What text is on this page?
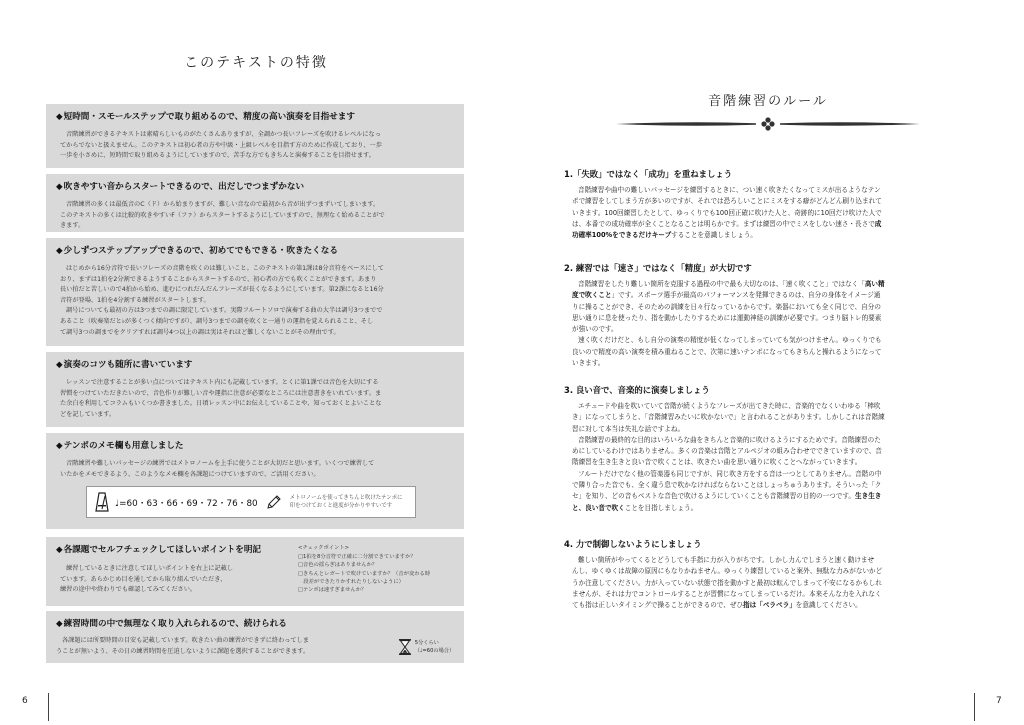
このテキストの特徴
◆ 短時間・スモールステップで取り組めるので、精度の高い演奏を目指せます

音階練習ができるテキストは素晴らしいものがたくさんありますが、全調かつ長いフレーズを吹けるレベルになっ

てからでないと扱えません。このテキストは初心者の方や中級・上級レベルを目指す方のために作成しており、一歩
一歩を小さめに、短時間で取り組めるようにしていますので、苦手な方でもきちんと演奏することを目指せます。
◆ 吹きやすい音からスタートできるので、出だしでつまずかない

音階練習の多くは最低音のC（ド）から始まりますが、難しい音なので最初から音が出ずつまずいてしまいます。

このテキストの多くは比較的吹きやすいF（ファ）からスタートするようにしていますので、無理なく始めることがで
きます。
◆ 少しずつステップアップできるので、初めてでもできる・吹きたくなる

はじめから16分音符で長いフレーズの音階を吹くのは難しいこと。このテキストの第1課は8分音符をベースにして

おり、まずは1拍を2分割できるようすることからスタートするので、初心者の方でも吹くことができます。あまり
長い拍だと苦しいので4拍から始め、進むにつれだんだんフレーズが長くなるようにしています。第2課になると16分
音符が登場、1拍を4分割する練習がスタートします。

調号についても最初の方は3つまでの調に限定しています。実際フルートソロで演奏する曲の大半は調号3つまでで

あること（吹奏楽だと♭が多くつく傾向ですが）、調号3つまでの調を吹くと一通りの運指を覚えられること、そし
て調号3つの調までをクリアすれば調号4つ以上の調は実はそれほど難しくないことがその理由です。
◆ 演奏のコツも随所に書いています

レッスンで注意することが多い点についてはテキスト内にも記載しています。とくに第1課では音色を大切にする

習慣をつけていただきたいので、音色作りが難しい音や運指に注意が必要なところには注意書きをいれています。ま
た余白を利用してコラムもいくつか書きました。日頃レッスン中にお伝えしていることや、知っておくとよいことな
どを記しています。
◆ テンポのメモ欄も用意しました

音階練習や難しいパッセージの練習ではメトロノームを上手に使うことが大切だと思います。いくつで練習して

いたかをメモできるよう、このようなメモ欄を各課題につけていますので、ご活用ください。
♩=60・63・66・69・72・76・80
メトロノームを使ってきちんと吹けたテンポに
印をつけておくと進度が分かりやすいです
◆ 各課題でセルフチェックしてほしいポイントを明記

練習しているときに注意してほしいポイントを右上に記載し

ています。あらかじめ目を通してから取り組んでいただき、
練習の途中や終わりでも確認してみてください。
<チェックポイント>
□1拍を8分音符で正確に二分割できていますか？
□音色の揺らぎはありませんか？
□きちんとレガートで吹けていますか？（音が変わる時
　段差ができたりかすれたりしないように）
□テンポは速すぎませんか？
◆ 練習時間の中で無理なく取り入れられるので、続けられる
各課題には所要時間の目安も記載しています。吹きたい曲の練習ができずに終わってしま
うことが無いよう、その日の練習時間を圧迫しないように課題を選択することができます。
5分くらい
（♩=60の場合）
6
音階練習のルール
1.「失敗」ではなく「成功」を重ねましょう

音階練習や曲中の難しいパッセージを練習するときに、つい速く吹きたくなってミスが出るようなテン
ポで練習をしてしまう方が多いのですが、それでは恐ろしいことにミスをする癖がどんどん刷り込まれて
いきます。100回練習したとして、ゆっくりでも100回正確に吹けた人と、奇跡的に10回だけ吹けた人で
は、本番での成功確率が全くことなることは明らかです。まずは練習の中でミスをしない速さ・長さで成
功確率100%をできるだけキープすることを意識しましょう。

2. 練習では「速さ」ではなく「精度」が大切です

音階練習をしたり難しい箇所を克服する過程の中で最も大切なのは、「速く吹くこと」ではなく「高い精
度で吹くこと」です。スポーツ選手が最高のパフォーマンスを発揮できるのは、自分の身体をイメージ通
りに操ることができ、そのための訓練を日々行なっているからです。楽器においても全く同じで、自分の
思い通りに息を使ったり、指を動かしたりするためには運動神経の訓練が必要です。つまり脳トレ的要素
が強いのです。

速く吹くだけだと、もし自分の演奏の精度が低くなってしまっていても気がつけません。ゆっくりでも
良いので精度の高い演奏を積み重ねることで、次第に速いテンポになってもきちんと操れるようになって
いきます。

3. 良い音で、音楽的に演奏しましょう

エチュードや曲を吹いていて音階が続くようなフレーズが出てきた時に、音楽的でなくいわゆる「棒吹
き」になってしまうと、「音階練習みたいに吹かないで」と言われることがあります。しかしこれは音階練
習に対して本当は失礼な話ですよね。

音階練習の最終的な目的はいろいろな曲をきちんと音楽的に吹けるようにするためです。音階練習のた
めにしているわけではありません。多くの音楽は音階とアルペジオの組み合わせでできていますので、音
階練習を生き生きと良い音で吹くことは、吹きたい曲を思い通りに吹くことへながっていきます。

フルートだけでなく他の管楽器も同じですが、同じ吹き方をする音は一つとしてありません。音階の中
で隣り合った音でも、全く違う息で吹かなければならないことはしょっちゅうあります。そういった「ク
セ」を知り、どの音もベストな音色で吹けるようにしていくことも音階練習の目的の一つです。生き生き
と、良い音で吹くことを目指しましょう。

4. 力で制御しないようにしましょう

難しい箇所がやってくるとどうしても手指に力が入りがちです。しかし力んでしまうと速く動けませ
んし、ゆくゆくは故障の原因にもなりかねません。ゆっくり練習していると案外、無駄な力みがないかど
うか注意してください。力が入っていない状態で指を動かすと最初は転んでしまって不安になるかもしれ
ませんが、それは力でコントロールすることが習慣になってしまっているだけ。本来そんな力を入れなく
ても指は正しいタイミングで操ることができるので、ぜひ指は「ペラペラ」を意識してください。

7
